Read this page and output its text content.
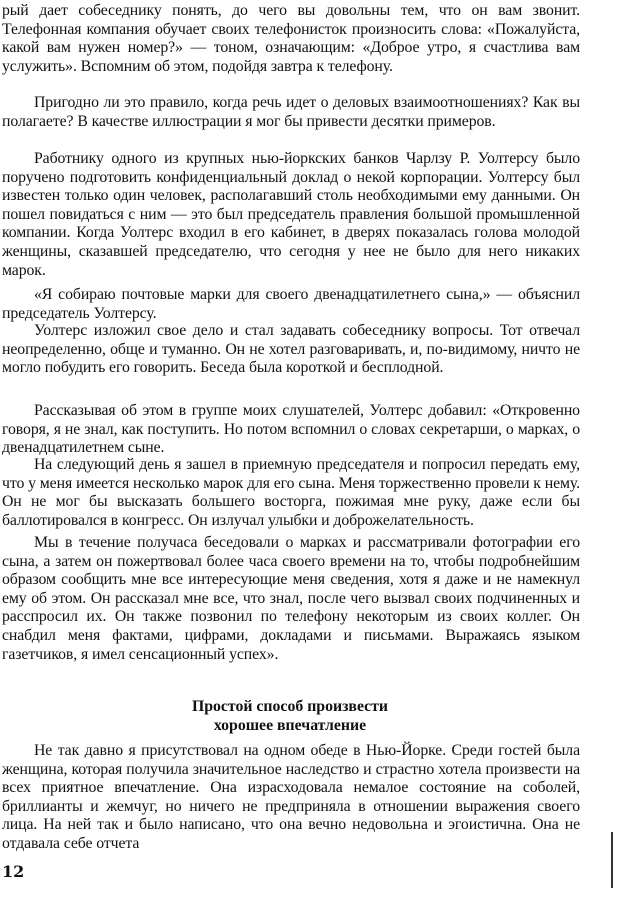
рый дает собеседнику понять, до чего вы довольны тем, что он вам звонит. Телефонная компания обучает своих телефонисток произносить слова: «Пожалуйста, какой вам нужен номер?» — тоном, означающим: «Доброе утро, я счастлива вам услужить». Вспомним об этом, подойдя завтра к телефону.

Пригодно ли это правило, когда речь идет о деловых взаимоотношениях? Как вы полагаете? В качестве иллюстрации я мог бы привести десятки примеров.

Работнику одного из крупных нью-йоркских банков Чарлзу Р. Уолтерсу было поручено подготовить конфиденциальный доклад о некой корпорации. Уолтерсу был известен только один человек, располагавший столь необходимыми ему данными. Он пошел повидаться с ним — это был председатель правления большой промышленной компании. Когда Уолтерс входил в его кабинет, в дверях показалась голова молодой женщины, сказавшей председателю, что сегодня у нее не было для него никаких марок.

«Я собираю почтовые марки для своего двенадцатилетнего сына,» — объяснил председатель Уолтерсу.

Уолтерс изложил свое дело и стал задавать собеседнику вопросы. Тот отвечал неопределенно, обще и туманно. Он не хотел разговаривать, и, по-видимому, ничто не могло побудить его говорить. Беседа была короткой и бесплодной.

Рассказывая об этом в группе моих слушателей, Уолтерс добавил: «Откровенно говоря, я не знал, как поступить. Но потом вспомнил о словах секретарши, о марках, о двенадцатилетнем сыне.

На следующий день я зашел в приемную председателя и попросил передать ему, что у меня имеется несколько марок для его сына. Меня торжественно провели к нему. Он не мог бы высказать большего восторга, пожимая мне руку, даже если бы баллотировался в конгресс. Он излучал улыбки и доброжелательность.

Мы в течение получаса беседовали о марках и рассматривали фотографии его сына, а затем он пожертвовал более часа своего времени на то, чтобы подробнейшим образом сообщить мне все интересующие меня сведения, хотя я даже и не намекнул ему об этом. Он рассказал мне все, что знал, после чего вызвал своих подчиненных и расспросил их. Он также позвонил по телефону некоторым из своих коллег. Он снабдил меня фактами, цифрами, докладами и письмами. Выражаясь языком газетчиков, я имел сенсационный успех».

Простой способ произвести
хорошее впечатление

Не так давно я присутствовал на одном обеде в Нью-Йорке. Среди гостей была женщина, которая получила значительное наследство и страстно хотела произвести на всех приятное впечатление. Она израсходовала немалое состояние на соболей, бриллианты и жемчуг, но ничего не предприняла в отношении выражения своего лица. На ней так и было написано, что она вечно недовольна и эгоистична. Она не отдавала себе отчета

12
